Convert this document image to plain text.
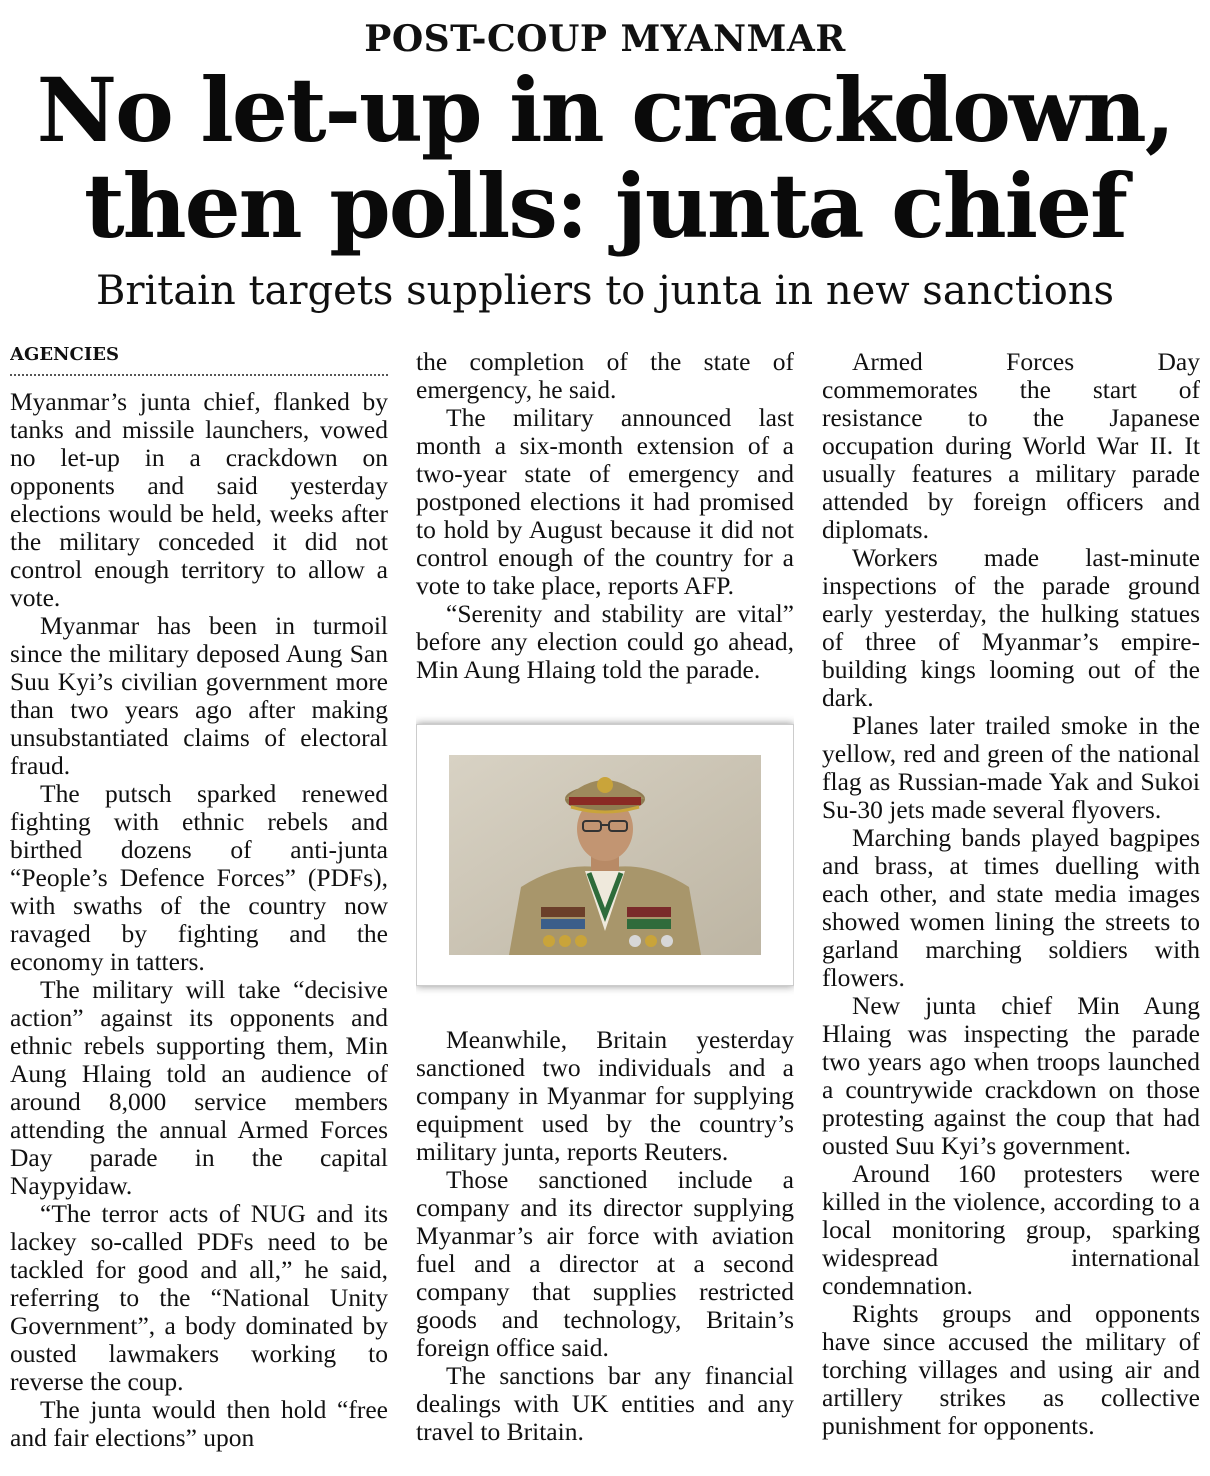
POST-COUP MYANMAR
No let-up in crackdown,
then polls: junta chief
Britain targets suppliers to junta in new sanctions
AGENCIES

Myanmar’s junta chief, flanked by tanks and missile launchers, vowed no let-up in a crackdown on opponents and said yesterday elections would be held, weeks after the military conceded it did not control enough territory to allow a vote.

Myanmar has been in turmoil since the military deposed Aung San Suu Kyi’s civilian government more than two years ago after making unsubstantiated claims of electoral fraud.

The putsch sparked renewed fighting with ethnic rebels and birthed dozens of anti-junta “People’s Defence Forces” (PDFs), with swaths of the country now ravaged by fighting and the economy in tatters.

The military will take “decisive action” against its opponents and ethnic rebels supporting them, Min Aung Hlaing told an audience of around 8,000 service members attending the annual Armed Forces Day parade in the capital Naypyidaw.

“The terror acts of NUG and its lackey so-called PDFs need to be tackled for good and all,” he said, referring to the “National Unity Government”, a body dominated by ousted lawmakers working to reverse the coup.

The junta would then hold “free and fair elections” upon

the completion of the state of emergency, he said.

The military announced last month a six-month extension of a two-year state of emergency and postponed elections it had promised to hold by August because it did not control enough of the country for a vote to take place, reports AFP.

“Serenity and stability are vital” before any election could go ahead, Min Aung Hlaing told the parade.

Meanwhile, Britain yesterday sanctioned two individuals and a company in Myanmar for supplying equipment used by the country’s military junta, reports Reuters.

Those sanctioned include a company and its director supplying Myanmar’s air force with aviation fuel and a director at a second company that supplies restricted goods and technology, Britain’s foreign office said.

The sanctions bar any financial dealings with UK entities and any travel to Britain.

Armed Forces Day commemorates the start of resistance to the Japanese occupation during World War II. It usually features a military parade attended by foreign officers and diplomats.

Workers made last-minute inspections of the parade ground early yesterday, the hulking statues of three of Myanmar’s empire-building kings looming out of the dark.

Planes later trailed smoke in the yellow, red and green of the national flag as Russian-made Yak and Sukoi Su-30 jets made several flyovers.

Marching bands played bagpipes and brass, at times duelling with each other, and state media images showed women lining the streets to garland marching soldiers with flowers.

New junta chief Min Aung Hlaing was inspecting the parade two years ago when troops launched a countrywide crackdown on those protesting against the coup that had ousted Suu Kyi’s government.

Around 160 protesters were killed in the violence, according to a local monitoring group, sparking widespread international condemnation.

Rights groups and opponents have since accused the military of torching villages and using air and artillery strikes as collective punishment for opponents.
